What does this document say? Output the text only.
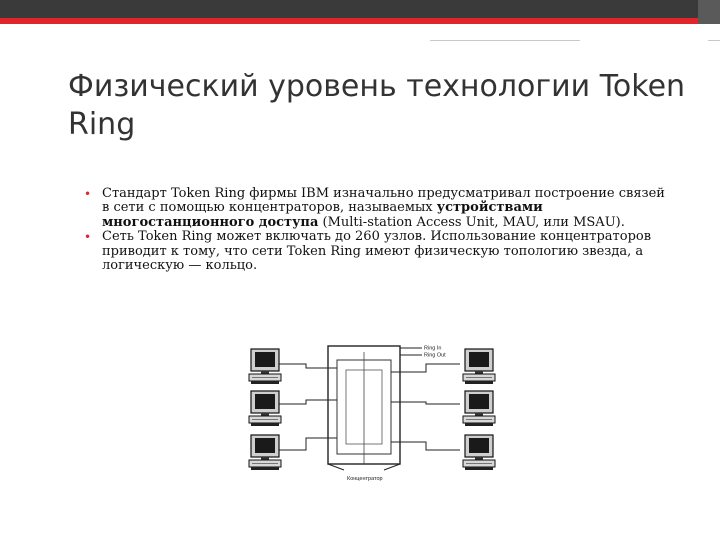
Физический уровень технологии Token Ring
• Стандарт Token Ring фирмы IBM изначально предусматривал построение связей в сети с помощью концентраторов, называемых устройствами многостанционного доступа (Multi-station Access Unit, MAU, или MSAU).
• Сеть Token Ring может включать до 260 узлов. Использование концентраторов приводит к тому, что сети Token Ring имеют физическую топологию звезда, а логическую — кольцо.
Ring In
Ring Out
Концентратор
